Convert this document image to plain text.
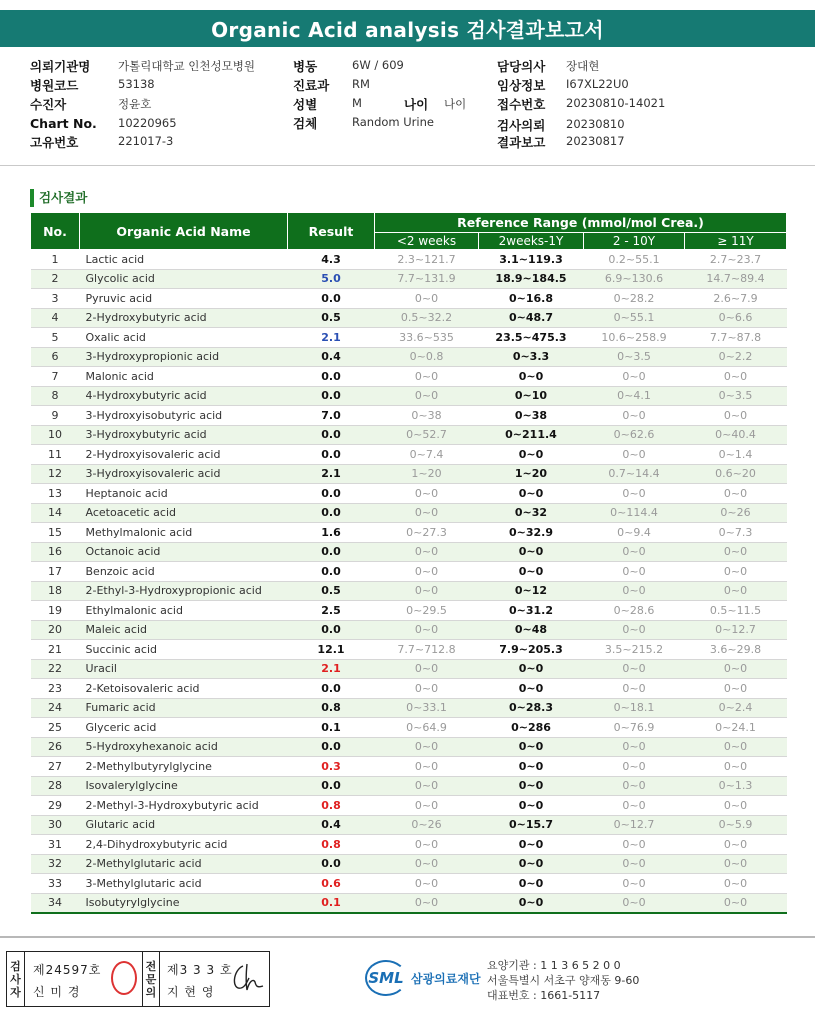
Organic Acid analysis 검사결과보고서
의뢰기관명 가톨릭대학교 인천성모병원
병원코드	53138
수진자	정윤호
Chart No. 10220965
고유번호	221017-3
병동	6W / 609
진료과 RM
성별	M	나이 나이
검체	Random Urine
담당의사 장대현
임상정보 I67XL22U0
접수번호 20230810-14021
검사의뢰 20230810
결과보고 20230817
검사결과
No.	Organic Acid Name	Result	Reference Range (mmol/mol Crea.)			
			<2 weeks	2weeks-1Y	2 - 10Y	≥ 11Y
1	Lactic acid	4.3	2.3~121.7	3.1~119.3	0.2~55.1	2.7~23.7
2	Glycolic acid	5.0	7.7~131.9	18.9~184.5	6.9~130.6	14.7~89.4
3	Pyruvic acid	0.0	0~0	0~16.8	0~28.2	2.6~7.9
4	2-Hydroxybutyric acid	0.5	0.5~32.2	0~48.7	0~55.1	0~6.6
5	Oxalic acid	2.1	33.6~535	23.5~475.3	10.6~258.9	7.7~87.8
6	3-Hydroxypropionic acid	0.4	0~0.8	0~3.3	0~3.5	0~2.2
7	Malonic acid	0.0	0~0	0~0	0~0	0~0
8	4-Hydroxybutyric acid	0.0	0~0	0~10	0~4.1	0~3.5
9	3-Hydroxyisobutyric acid	7.0	0~38	0~38	0~0	0~0
10	3-Hydroxybutyric acid	0.0	0~52.7	0~211.4	0~62.6	0~40.4
11	2-Hydroxyisovaleric acid	0.0	0~7.4	0~0	0~0	0~1.4
12	3-Hydroxyisovaleric acid	2.1	1~20	1~20	0.7~14.4	0.6~20
13	Heptanoic acid	0.0	0~0	0~0	0~0	0~0
14	Acetoacetic acid	0.0	0~0	0~32	0~114.4	0~26
15	Methylmalonic acid	1.6	0~27.3	0~32.9	0~9.4	0~7.3
16	Octanoic acid	0.0	0~0	0~0	0~0	0~0
17	Benzoic acid	0.0	0~0	0~0	0~0	0~0
18	2-Ethyl-3-Hydroxypropionic acid	0.5	0~0	0~12	0~0	0~0
19	Ethylmalonic acid	2.5	0~29.5	0~31.2	0~28.6	0.5~11.5
20	Maleic acid	0.0	0~0	0~48	0~0	0~12.7
21	Succinic acid	12.1	7.7~712.8	7.9~205.3	3.5~215.2	3.6~29.8
22	Uracil	2.1	0~0	0~0	0~0	0~0
23	2-Ketoisovaleric acid	0.0	0~0	0~0	0~0	0~0
24	Fumaric acid	0.8	0~33.1	0~28.3	0~18.1	0~2.4
25	Glyceric acid	0.1	0~64.9	0~286	0~76.9	0~24.1
26	5-Hydroxyhexanoic acid	0.0	0~0	0~0	0~0	0~0
27	2-Methylbutyrylglycine	0.3	0~0	0~0	0~0	0~0
28	Isovalerylglycine	0.0	0~0	0~0	0~0	0~1.3
29	2-Methyl-3-Hydroxybutyric acid	0.8	0~0	0~0	0~0	0~0
30	Glutaric acid	0.4	0~26	0~15.7	0~12.7	0~5.9
31	2,4-Dihydroxybutyric acid	0.8	0~0	0~0	0~0	0~0
32	2-Methylglutaric acid	0.0	0~0	0~0	0~0	0~0
33	3-Methylglutaric acid	0.6	0~0	0~0	0~0	0~0
34	Isobutyrylglycine	0.1	0~0	0~0	0~0	0~0
검
사
자
제24597호
신 미 경
전
문
의
제3 3 3 호
지 현 영
SML 삼광의료재단
요양기관 : 1 1 3 6 5 2 0 0
서울특별시 서초구 양재동 9-60
대표번호 : 1661-5117
